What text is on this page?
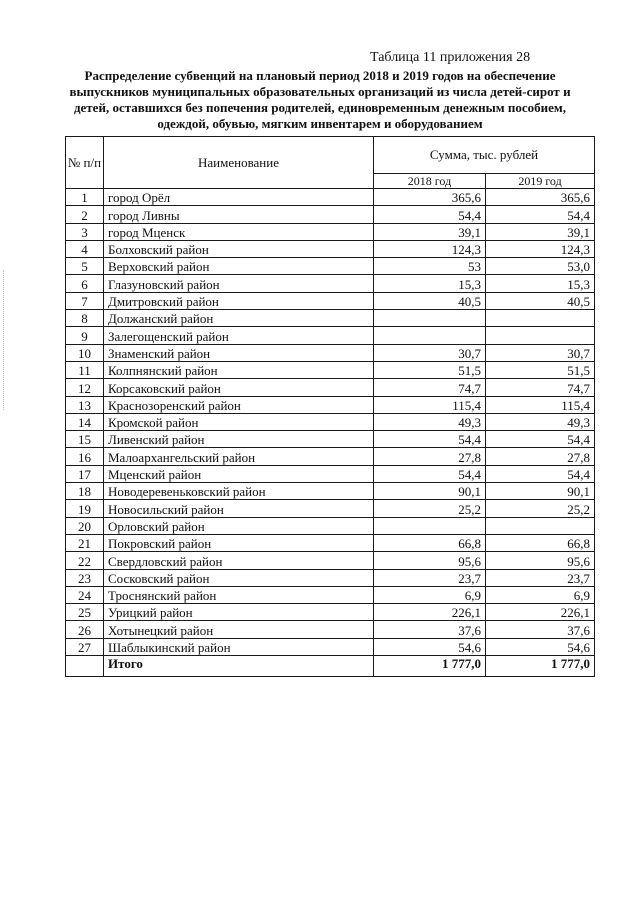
Таблица 11 приложения 28
Распределение субвенций на плановый период 2018 и 2019 годов на обеспечение выпускников муниципальных образовательных организаций из числа детей-сирот и детей, оставшихся без попечения родителей, единовременным денежным пособием, одеждой, обувью, мягким инвентарем и оборудованием
№ п/п	Наименование	Сумма, тыс. рублей	
		2018 год	2019 год
1	город Орёл	365,6	365,6
2	город Ливны	54,4	54,4
3	город Мценск	39,1	39,1
4	Болховский район	124,3	124,3
5	Верховский район	53	53,0
6	Глазуновский район	15,3	15,3
7	Дмитровский район	40,5	40,5
8	Должанский район		
9	Залегощенский район		
10	Знаменский район	30,7	30,7
11	Колпнянский район	51,5	51,5
12	Корсаковский район	74,7	74,7
13	Краснозоренский район	115,4	115,4
14	Кромской район	49,3	49,3
15	Ливенский район	54,4	54,4
16	Малоархангельский район	27,8	27,8
17	Мценский район	54,4	54,4
18	Новодеревеньковский район	90,1	90,1
19	Новосильский район	25,2	25,2
20	Орловский район		
21	Покровский район	66,8	66,8
22	Свердловский район	95,6	95,6
23	Сосковский район	23,7	23,7
24	Троснянский район	6,9	6,9
25	Урицкий район	226,1	226,1
26	Хотынецкий район	37,6	37,6
27	Шаблыкинский район	54,6	54,6
	Итого	1 777,0	1 777,0
